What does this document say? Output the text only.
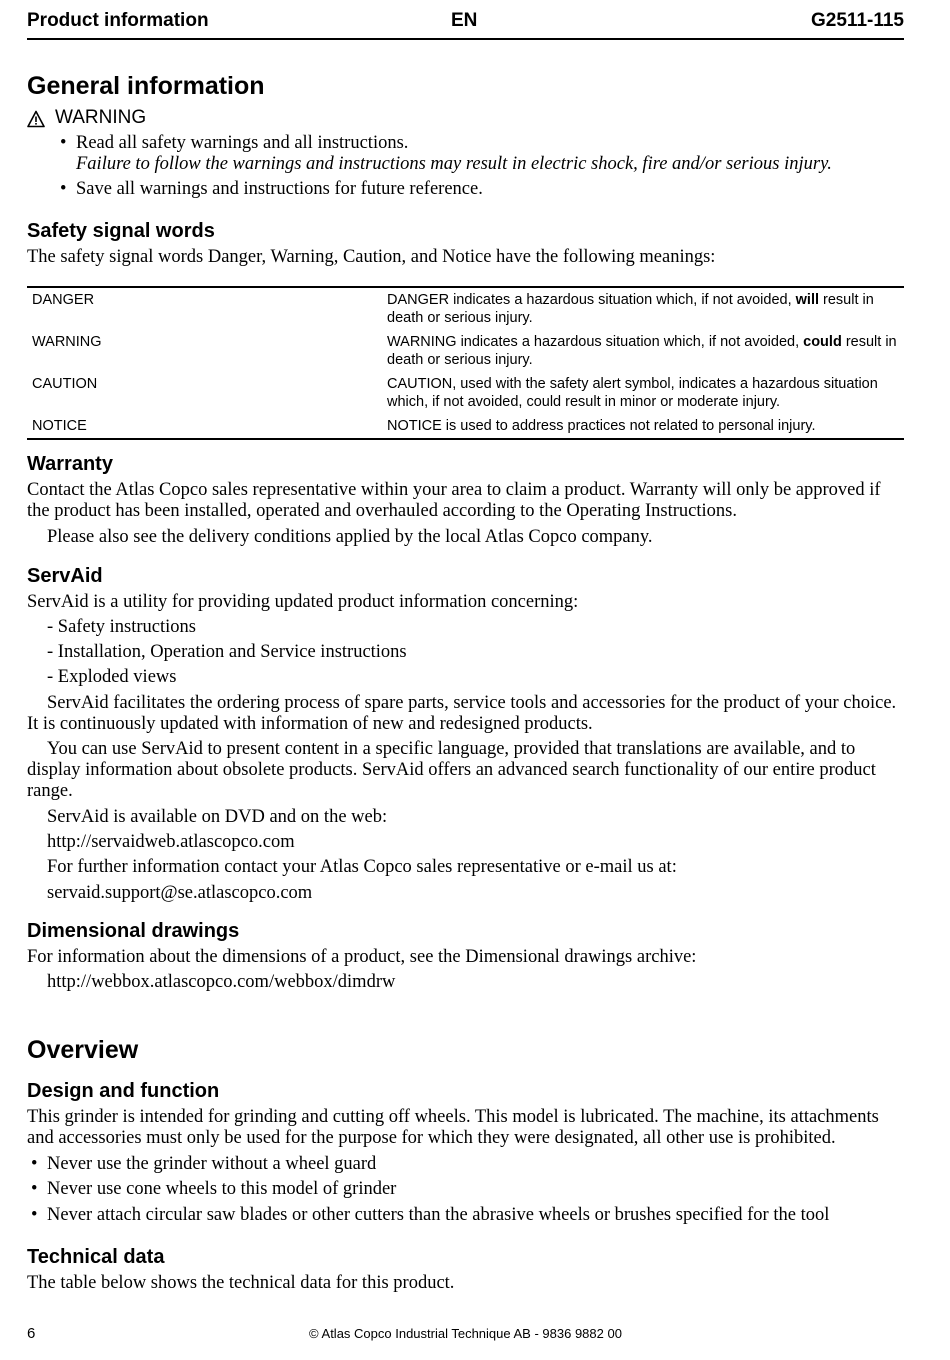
Product information	EN	G2511-115
General information
WARNING
• Read all safety warnings and all instructions.
Failure to follow the warnings and instructions may result in electric shock, fire and/or serious injury.
• Save all warnings and instructions for future reference.
Safety signal words

The safety signal words Danger, Warning, Caution, and Notice have the following meanings:

DANGER	DANGER indicates a hazardous situation which, if not avoided, will result in death or serious injury.
WARNING	WARNING indicates a hazardous situation which, if not avoided, could result in death or serious injury.
CAUTION	CAUTION, used with the safety alert symbol, indicates a hazardous situation which, if not avoided, could result in minor or moderate injury.
NOTICE	NOTICE is used to address practices not related to personal injury.
Warranty

Contact the Atlas Copco sales representative within your area to claim a product. Warranty will only be approved if the product has been installed, operated and overhauled according to the Operating Instructions.

Please also see the delivery conditions applied by the local Atlas Copco company.

ServAid

ServAid is a utility for providing updated product information concerning:

- Safety instructions
- Installation, Operation and Service instructions
- Exploded views

ServAid facilitates the ordering process of spare parts, service tools and accessories for the product of your choice. It is continuously updated with information of new and redesigned products.

You can use ServAid to present content in a specific language, provided that translations are available, and to display information about obsolete products. ServAid offers an advanced search functionality of our entire product range.

ServAid is available on DVD and on the web:
http://servaidweb.atlascopco.com
For further information contact your Atlas Copco sales representative or e-mail us at:
servaid.support@se.atlascopco.com
Dimensional drawings

For information about the dimensions of a product, see the Dimensional drawings archive:

http://webbox.atlascopco.com/webbox/dimdrw
Overview
Design and function

This grinder is intended for grinding and cutting off wheels. This model is lubricated. The machine, its attachments and accessories must only be used for the purpose for which they were designated, all other use is prohibited.

• Never use the grinder without a wheel guard
• Never use cone wheels to this model of grinder
• Never attach circular saw blades or other cutters than the abrasive wheels or brushes specified for the tool
Technical data

The table below shows the technical data for this product.

6	© Atlas Copco Industrial Technique AB - 9836 9882 00
